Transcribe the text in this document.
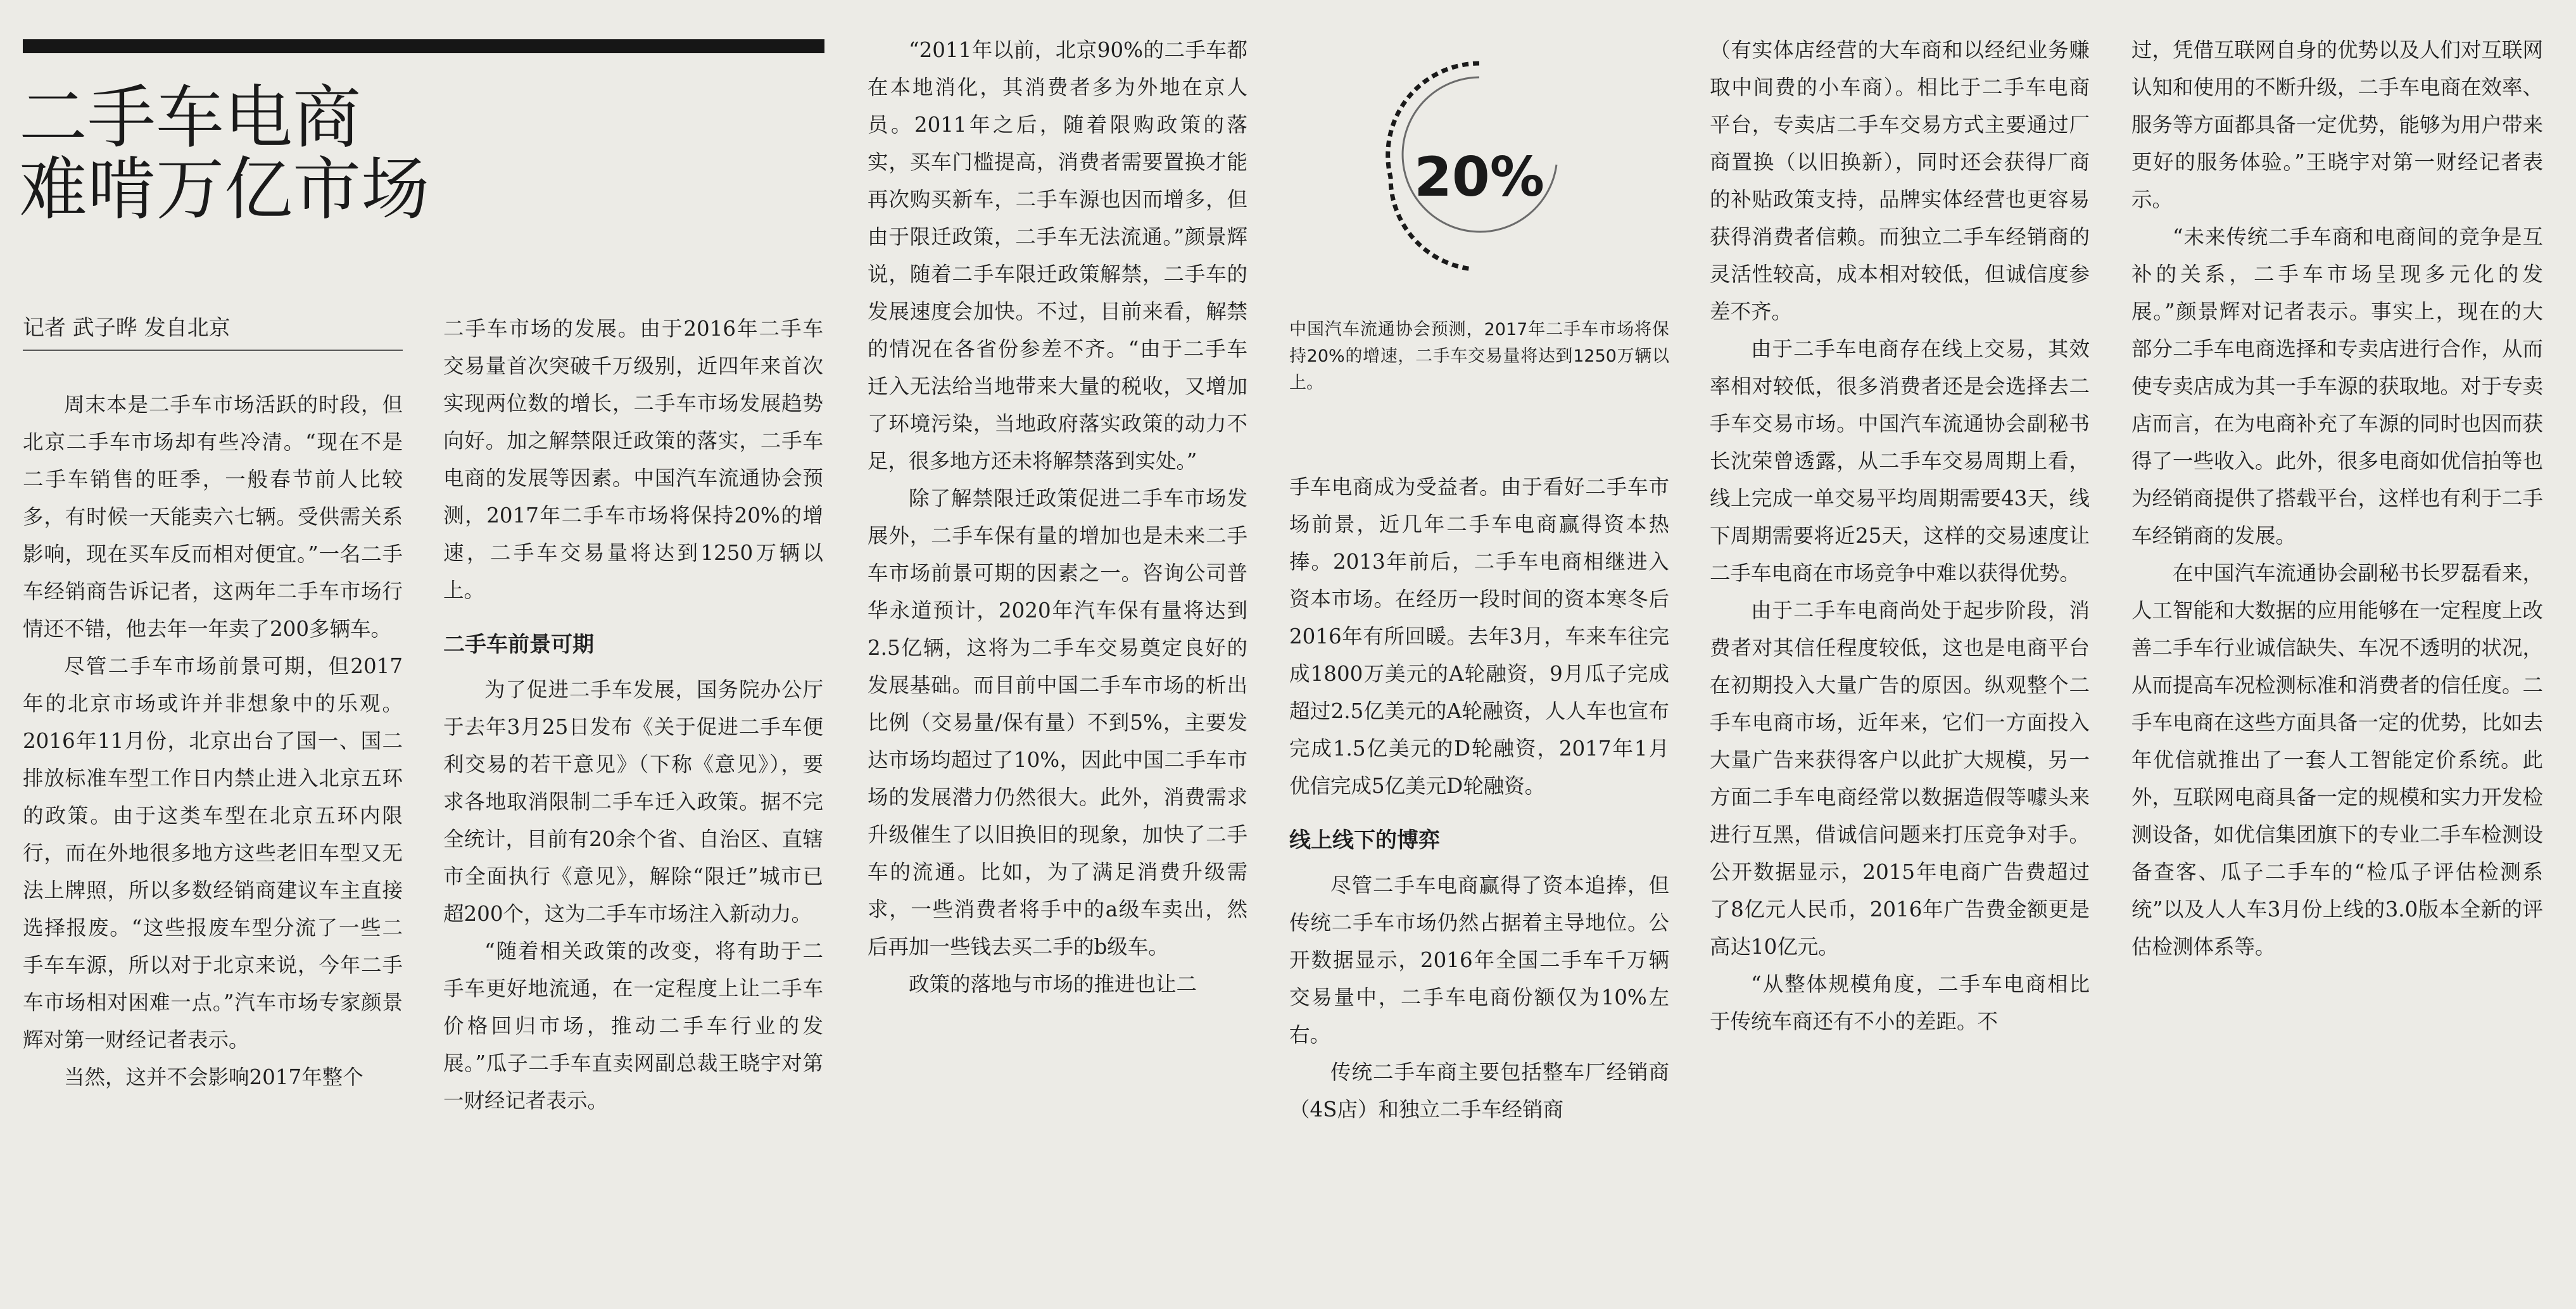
二手车电商
难啃万亿市场
记者 武子晔 发自北京

周末本是二手车市场活跃的时段，但北京二手车市场却有些冷清。“现在不是二手车销售的旺季，一般春节前人比较多，有时候一天能卖六七辆。受供需关系影响，现在买车反而相对便宜。”一名二手车经销商告诉记者，这两年二手车市场行情还不错，他去年一年卖了200多辆车。

尽管二手车市场前景可期，但2017年的北京市场或许并非想象中的乐观。2016年11月份，北京出台了国一、国二排放标准车型工作日内禁止进入北京五环的政策。由于这类车型在北京五环内限行，而在外地很多地方这些老旧车型又无法上牌照，所以多数经销商建议车主直接选择报废。“这些报废车型分流了一些二手车车源，所以对于北京来说，今年二手车市场相对困难一点。”汽车市场专家颜景辉对第一财经记者表示。

当然，这并不会影响2017年整个

二手车市场的发展。由于2016年二手车交易量首次突破千万级别，近四年来首次实现两位数的增长，二手车市场发展趋势向好。加之解禁限迁政策的落实，二手车电商的发展等因素。中国汽车流通协会预测，2017年二手车市场将保持20%的增速，二手车交易量将达到1250万辆以上。

二手车前景可期

为了促进二手车发展，国务院办公厅于去年3月25日发布《关于促进二手车便利交易的若干意见》（下称《意见》），要求各地取消限制二手车迁入政策。据不完全统计，目前有20余个省、自治区、直辖市全面执行《意见》，解除“限迁”城市已超200个，这为二手车市场注入新动力。

“随着相关政策的改变，将有助于二手车更好地流通，在一定程度上让二手车价格回归市场，推动二手车行业的发展。”瓜子二手车直卖网副总裁王晓宇对第一财经记者表示。

“2011年以前，北京90%的二手车都在本地消化，其消费者多为外地在京人员。2011年之后，随着限购政策的落实，买车门槛提高，消费者需要置换才能再次购买新车，二手车源也因而增多，但由于限迁政策，二手车无法流通。”颜景辉说，随着二手车限迁政策解禁，二手车的发展速度会加快。不过，目前来看，解禁的情况在各省份参差不齐。“由于二手车迁入无法给当地带来大量的税收，又增加了环境污染，当地政府落实政策的动力不足，很多地方还未将解禁落到实处。”

除了解禁限迁政策促进二手车市场发展外，二手车保有量的增加也是未来二手车市场前景可期的因素之一。咨询公司普华永道预计，2020年汽车保有量将达到2.5亿辆，这将为二手车交易奠定良好的发展基础。而目前中国二手车市场的析出比例（交易量/保有量）不到5%，主要发达市场均超过了10%，因此中国二手车市场的发展潜力仍然很大。此外，消费需求升级催生了以旧换旧的现象，加快了二手车的流通。比如，为了满足消费升级需求，一些消费者将手中的a级车卖出，然后再加一些钱去买二手的b级车。

政策的落地与市场的推进也让二

20%
中国汽车流通协会预测，2017年二手车市场将保持20%的增速，二手车交易量将达到1250万辆以上。

手车电商成为受益者。由于看好二手车市场前景，近几年二手车电商赢得资本热捧。2013年前后，二手车电商相继进入资本市场。在经历一段时间的资本寒冬后2016年有所回暖。去年3月，车来车往完成1800万美元的A轮融资，9月瓜子完成超过2.5亿美元的A轮融资，人人车也宣布完成1.5亿美元的D轮融资，2017年1月优信完成5亿美元D轮融资。

线上线下的博弈

尽管二手车电商赢得了资本追捧，但传统二手车市场仍然占据着主导地位。公开数据显示，2016年全国二手车千万辆交易量中，二手车电商份额仅为10%左右。

传统二手车商主要包括整车厂经销商（4S店）和独立二手车经销商

（有实体店经营的大车商和以经纪业务赚取中间费的小车商）。相比于二手车电商平台，专卖店二手车交易方式主要通过厂商置换（以旧换新），同时还会获得厂商的补贴政策支持，品牌实体经营也更容易获得消费者信赖。而独立二手车经销商的灵活性较高，成本相对较低，但诚信度参差不齐。

由于二手车电商存在线上交易，其效率相对较低，很多消费者还是会选择去二手车交易市场。中国汽车流通协会副秘书长沈荣曾透露，从二手车交易周期上看，线上完成一单交易平均周期需要43天，线下周期需要将近25天，这样的交易速度让二手车电商在市场竞争中难以获得优势。

由于二手车电商尚处于起步阶段，消费者对其信任程度较低，这也是电商平台在初期投入大量广告的原因。纵观整个二手车电商市场，近年来，它们一方面投入大量广告来获得客户以此扩大规模，另一方面二手车电商经常以数据造假等噱头来进行互黑，借诚信问题来打压竞争对手。公开数据显示，2015年电商广告费超过了8亿元人民币，2016年广告费金额更是高达10亿元。

“从整体规模角度，二手车电商相比于传统车商还有不小的差距。不

过，凭借互联网自身的优势以及人们对互联网认知和使用的不断升级，二手车电商在效率、服务等方面都具备一定优势，能够为用户带来更好的服务体验。”王晓宇对第一财经记者表示。

“未来传统二手车商和电商间的竞争是互补的关系，二手车市场呈现多元化的发展。”颜景辉对记者表示。事实上，现在的大部分二手车电商选择和专卖店进行合作，从而使专卖店成为其一手车源的获取地。对于专卖店而言，在为电商补充了车源的同时也因而获得了一些收入。此外，很多电商如优信拍等也为经销商提供了搭载平台，这样也有利于二手车经销商的发展。

在中国汽车流通协会副秘书长罗磊看来，人工智能和大数据的应用能够在一定程度上改善二手车行业诚信缺失、车况不透明的状况，从而提高车况检测标准和消费者的信任度。二手车电商在这些方面具备一定的优势，比如去年优信就推出了一套人工智能定价系统。此外，互联网电商具备一定的规模和实力开发检测设备，如优信集团旗下的专业二手车检测设备查客、瓜子二手车的“检瓜子评估检测系统”以及人人车3月份上线的3.0版本全新的评估检测体系等。
